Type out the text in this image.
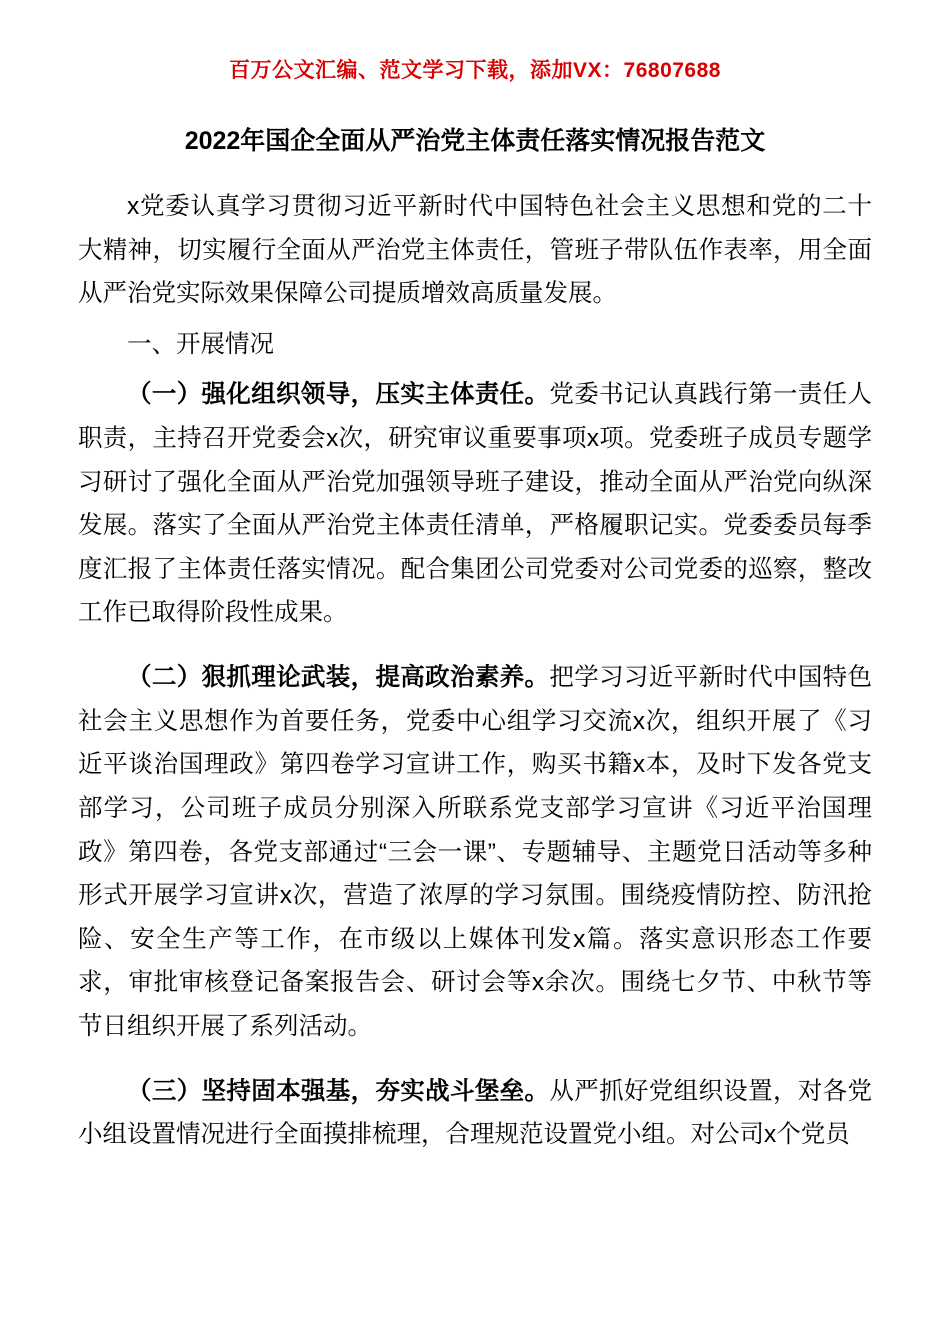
百万公文汇编、范文学习下载，添加VX：76807688
2022年国企全面从严治党主体责任落实情况报告范文

x党委认真学习贯彻习近平新时代中国特色社会主义思想和党的二十大精神，切实履行全面从严治党主体责任，管班子带队伍作表率，用全面从严治党实际效果保障公司提质增效高质量发展。

一、开展情况

（一）强化组织领导，压实主体责任。党委书记认真践行第一责任人职责，主持召开党委会x次，研究审议重要事项x项。党委班子成员专题学习研讨了强化全面从严治党加强领导班子建设，推动全面从严治党向纵深发展。落实了全面从严治党主体责任清单，严格履职记实。党委委员每季度汇报了主体责任落实情况。配合集团公司党委对公司党委的巡察，整改工作已取得阶段性成果。

（二）狠抓理论武装，提高政治素养。把学习习近平新时代中国特色社会主义思想作为首要任务，党委中心组学习交流x次，组织开展了《习近平谈治国理政》第四卷学习宣讲工作，购买书籍x本，及时下发各党支部学习，公司班子成员分别深入所联系党支部学习宣讲《习近平治国理政》第四卷，各党支部通过“三会一课”、专题辅导、主题党日活动等多种形式开展学习宣讲x次，营造了浓厚的学习氛围。围绕疫情防控、防汛抢险、安全生产等工作，在市级以上媒体刊发x篇。落实意识形态工作要求，审批审核登记备案报告会、研讨会等x余次。围绕七夕节、中秋节等节日组织开展了系列活动。

（三）坚持固本强基，夯实战斗堡垒。从严抓好党组织设置，对各党小组设置情况进行全面摸排梳理，合理规范设置党小组。对公司x个党员
